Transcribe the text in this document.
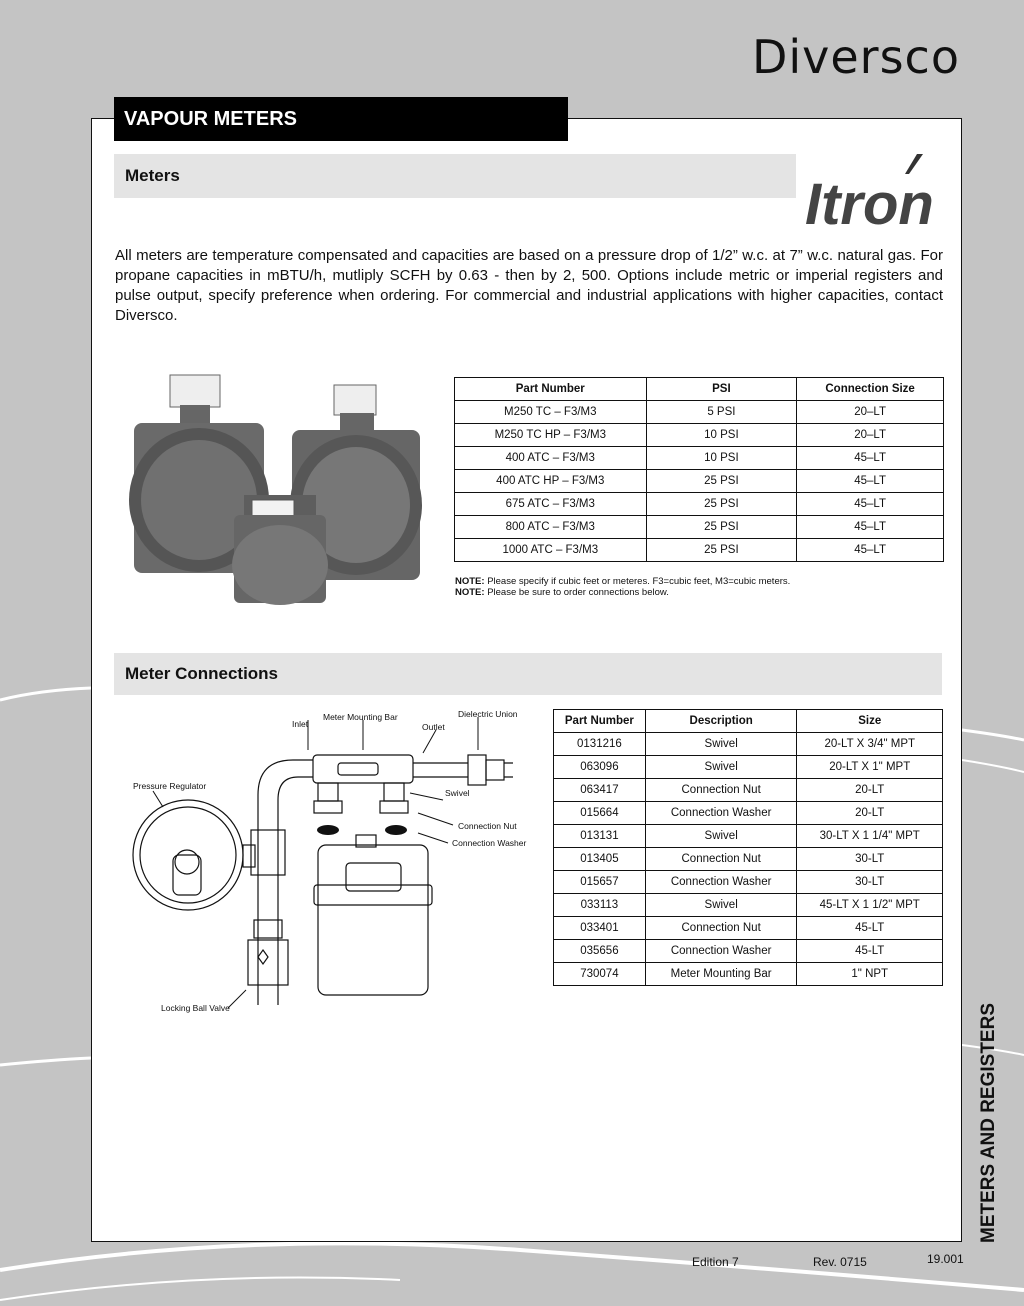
Diversco
VAPOUR METERS
Meters	Itron
All meters are temperature compensated and capacities are based on a pressure drop of 1/2” w.c. at 7” w.c. natural gas. For propane capacities in mBTU/h, mutliply SCFH by 0.63 - then by 2, 500. Options include metric or imperial registers and pulse output, specify preference when ordering. For commercial and industrial applications with higher capacities, contact Diversco.
Part Number	PSI	Connection Size
M250 TC – F3/M3	5 PSI	20–LT
M250 TC HP – F3/M3	10 PSI	20–LT
400 ATC – F3/M3	10 PSI	45–LT
400 ATC HP – F3/M3	25 PSI	45–LT
675 ATC – F3/M3	25 PSI	45–LT
800 ATC – F3/M3	25 PSI	45–LT
1000 ATC – F3/M3	25 PSI	45–LT
NOTE: Please specify if cubic feet or meteres. F3=cubic feet, M3=cubic meters.
NOTE: Please be sure to order connections below.
Meter Connections
Meter Mounting Bar	Dielectric Union
Inlet	Outlet
Pressure Regulator
Swivel
Connection Nut
Connection Washer
Locking Ball Valve
Part Number	Description	Size
0131216	Swivel	20-LT X 3/4" MPT
063096	Swivel	20-LT X 1" MPT
063417	Connection Nut	20-LT
015664	Connection Washer	20-LT
013131	Swivel	30-LT X 1 1/4" MPT
013405	Connection Nut	30-LT
015657	Connection Washer	30-LT
033113	Swivel	45-LT X 1 1/2" MPT
033401	Connection Nut	45-LT
035656	Connection Washer	45-LT
730074	Meter Mounting Bar	1" NPT
METERS AND REGISTERS
Edition 7	Rev. 0715	19.001
